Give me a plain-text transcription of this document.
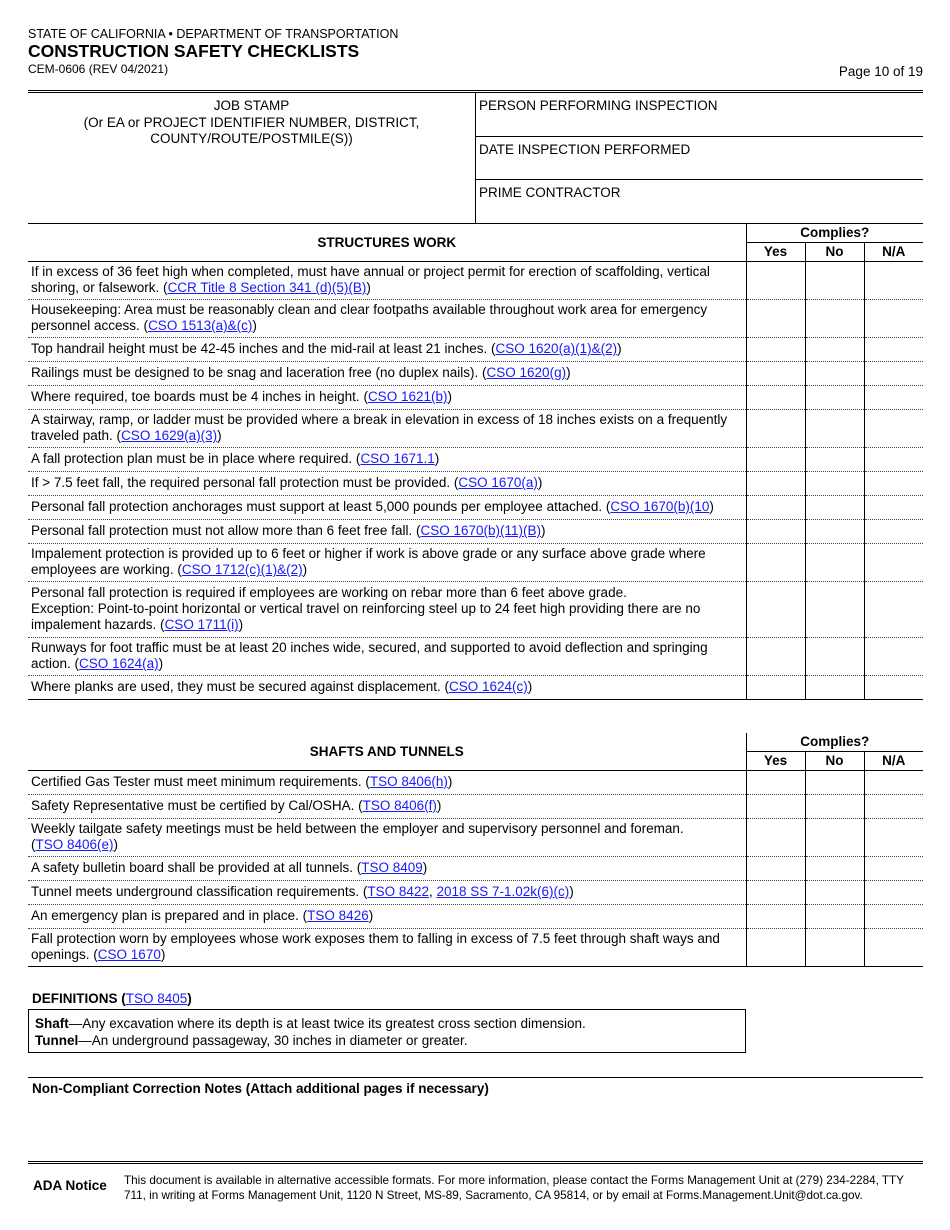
STATE OF CALIFORNIA • DEPARTMENT OF TRANSPORTATION
CONSTRUCTION SAFETY CHECKLISTS
CEM-0606 (REV 04/2021)	Page 10 of 19
JOB STAMP
(Or EA or PROJECT IDENTIFIER NUMBER, DISTRICT,
COUNTY/ROUTE/POSTMILE(S))
PERSON PERFORMING INSPECTION
DATE INSPECTION PERFORMED
PRIME CONTRACTOR
STRUCTURES WORK	Complies?		
	Yes	No	N/A
If in excess of 36 feet high when completed, must have annual or project permit for erection of scaffolding, vertical shoring, or falsework. (CCR Title 8 Section 341 (d)(5)(B))			
Housekeeping: Area must be reasonably clean and clear footpaths available throughout work area for emergency personnel access. (CSO 1513(a)&(c))			
Top handrail height must be 42-45 inches and the mid-rail at least 21 inches. (CSO 1620(a)(1)&(2))			
Railings must be designed to be snag and laceration free (no duplex nails). (CSO 1620(g))			
Where required, toe boards must be 4 inches in height. (CSO 1621(b))			
A stairway, ramp, or ladder must be provided where a break in elevation in excess of 18 inches exists on a frequently traveled path. (CSO 1629(a)(3))			
A fall protection plan must be in place where required. (CSO 1671.1)			
If > 7.5 feet fall, the required personal fall protection must be provided. (CSO 1670(a))			
Personal fall protection anchorages must support at least 5,000 pounds per employee attached. (CSO 1670(b)(10)			
Personal fall protection must not allow more than 6 feet free fall. (CSO 1670(b)(11)(B))			
Impalement protection is provided up to 6 feet or higher if work is above grade or any surface above grade where employees are working. (CSO 1712(c)(1)&(2))			
Personal fall protection is required if employees are working on rebar more than 6 feet above grade.
Exception: Point-to-point horizontal or vertical travel on reinforcing steel up to 24 feet high providing there are no impalement hazards. (CSO 1711(i))			
Runways for foot traffic must be at least 20 inches wide, secured, and supported to avoid deflection and springing action. (CSO 1624(a))			
Where planks are used, they must be secured against displacement. (CSO 1624(c))			
SHAFTS AND TUNNELS	Complies?		
	Yes	No	N/A
Certified Gas Tester must meet minimum requirements. (TSO 8406(h))			
Safety Representative must be certified by Cal/OSHA. (TSO 8406(f))			
Weekly tailgate safety meetings must be held between the employer and supervisory personnel and foreman.
(TSO 8406(e))			
A safety bulletin board shall be provided at all tunnels. (TSO 8409)			
Tunnel meets underground classification requirements. (TSO 8422, 2018 SS 7-1.02k(6)(c))			
An emergency plan is prepared and in place. (TSO 8426)			
Fall protection worn by employees whose work exposes them to falling in excess of 7.5 feet through shaft ways and openings. (CSO 1670)			
DEFINITIONS (TSO 8405)
Shaft—Any excavation where its depth is at least twice its greatest cross section dimension.
Tunnel—An underground passageway, 30 inches in diameter or greater.
Non-Compliant Correction Notes (Attach additional pages if necessary)
ADA Notice This document is available in alternative accessible formats. For more information, please contact the Forms Management Unit at (279) 234-2284, TTY 711, in writing at Forms Management Unit, 1120 N Street, MS-89, Sacramento, CA 95814, or by email at Forms.Management.Unit@dot.ca.gov.
